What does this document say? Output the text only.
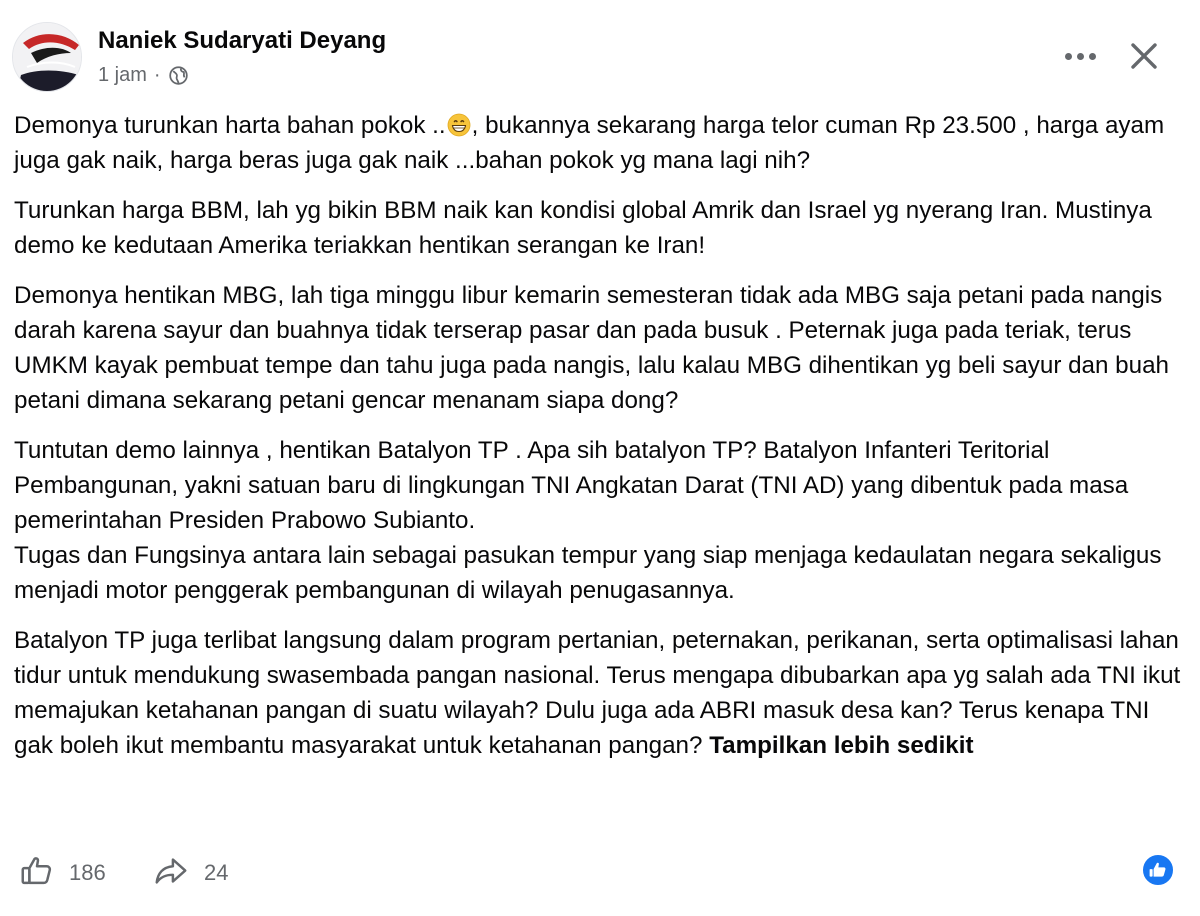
Naniek Sudaryati Deyang
1 jam ·

Demonya turunkan harta bahan pokok .. , bukannya sekarang harga telor cuman Rp 23.500 , harga ayam juga gak naik, harga beras juga gak naik ...bahan pokok yg mana lagi nih?

Turunkan harga BBM, lah yg bikin BBM naik kan kondisi global Amrik dan Israel yg nyerang Iran. Mustinya demo ke kedutaan Amerika teriakkan hentikan serangan ke Iran!

Demonya hentikan MBG, lah tiga minggu libur kemarin semesteran tidak ada MBG saja petani pada nangis darah karena sayur dan buahnya tidak terserap pasar dan pada busuk . Peternak juga pada teriak, terus UMKM kayak pembuat tempe dan tahu juga pada nangis, lalu kalau MBG dihentikan yg beli sayur dan buah petani dimana sekarang petani gencar menanam siapa dong?

Tuntutan demo lainnya , hentikan Batalyon TP . Apa sih batalyon TP? Batalyon Infanteri Teritorial Pembangunan, yakni satuan baru di lingkungan TNI Angkatan Darat (TNI AD) yang dibentuk pada masa pemerintahan Presiden Prabowo Subianto.

Tugas dan Fungsinya antara lain sebagai pasukan tempur yang siap menjaga kedaulatan negara sekaligus menjadi motor penggerak pembangunan di wilayah penugasannya.

Batalyon TP juga terlibat langsung dalam program pertanian, peternakan, perikanan, serta optimalisasi lahan tidur untuk mendukung swasembada pangan nasional. Terus mengapa dibubarkan apa yg salah ada TNI ikut memajukan ketahanan pangan di suatu wilayah? Dulu juga ada ABRI masuk desa kan? Terus kenapa TNI gak boleh ikut membantu masyarakat untuk ketahanan pangan? Tampilkan lebih sedikit

186	24
